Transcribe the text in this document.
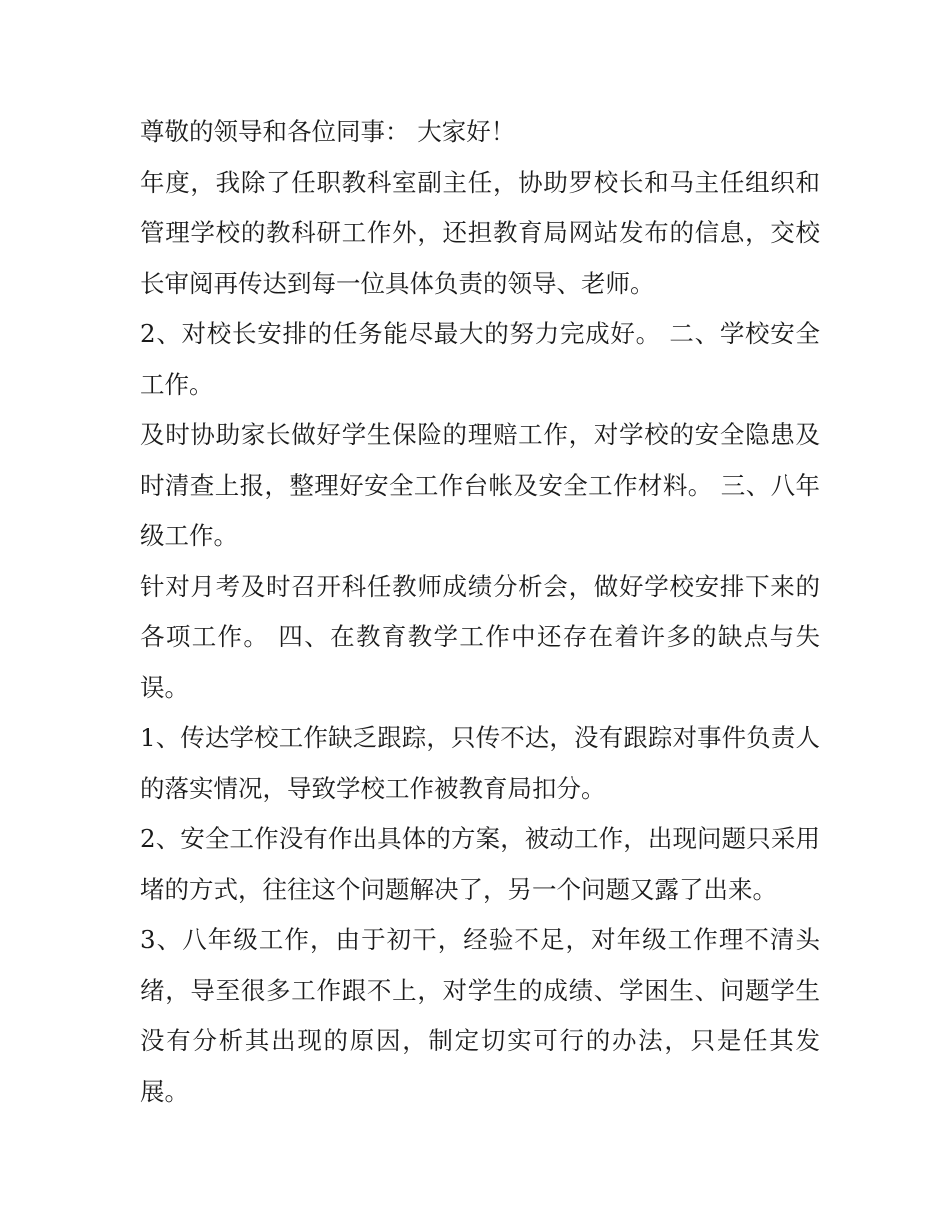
尊敬的领导和各位同事： 大家好！

年度，我除了任职教科室副主任，协助罗校长和马主任组织和管理学校的教科研工作外，还担教育局网站发布的信息，交校长审阅再传达到每一位具体负责的领导、老师。

2、对校长安排的任务能尽最大的努力完成好。 二、学校安全工作。

及时协助家长做好学生保险的理赔工作，对学校的安全隐患及时清查上报，整理好安全工作台帐及安全工作材料。 三、八年级工作。

针对月考及时召开科任教师成绩分析会，做好学校安排下来的各项工作。 四、在教育教学工作中还存在着许多的缺点与失误。

1、传达学校工作缺乏跟踪，只传不达，没有跟踪对事件负责人的落实情况，导致学校工作被教育局扣分。

2、安全工作没有作出具体的方案，被动工作，出现问题只采用堵的方式，往往这个问题解决了，另一个问题又露了出来。

3、八年级工作，由于初干，经验不足，对年级工作理不清头绪，导至很多工作跟不上，对学生的成绩、学困生、问题学生没有分析其出现的原因，制定切实可行的办法，只是任其发展。
